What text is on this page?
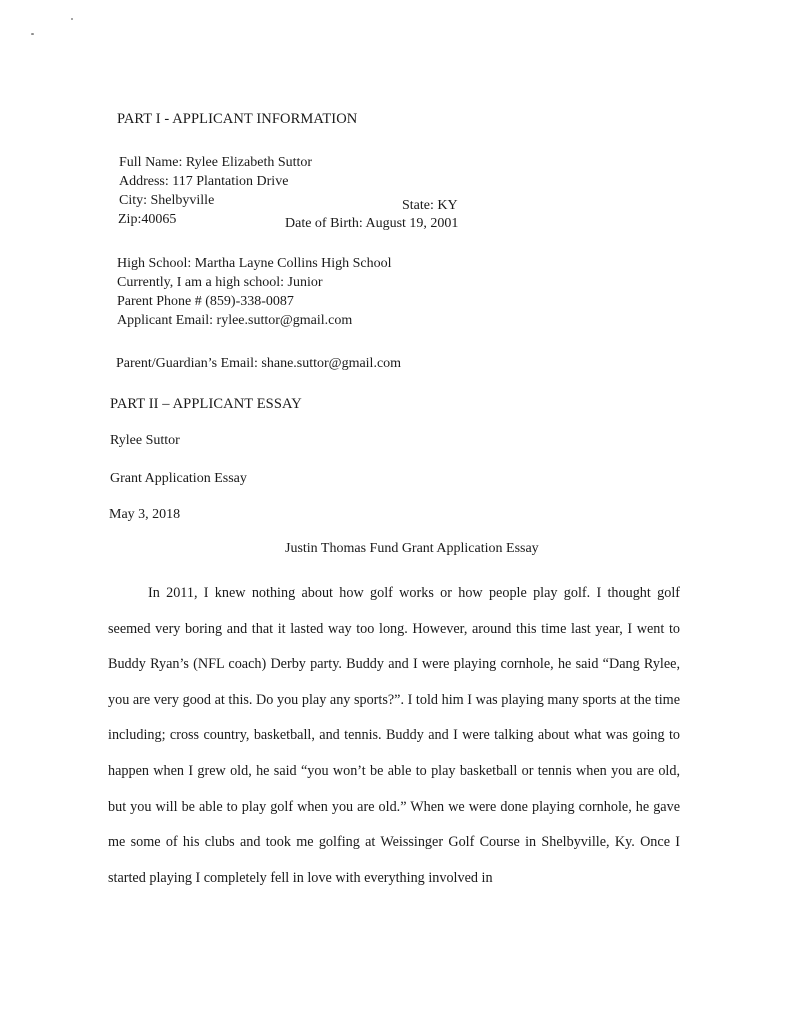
PART I - APPLICANT INFORMATION
Full Name: Rylee Elizabeth Suttor
Address: 117 Plantation Drive
City: Shelbyville	State: KY
Zip:40065	Date of Birth: August 19, 2001
High School: Martha Layne Collins High School
Currently, I am a high school: Junior
Parent Phone # (859)-338-0087
Applicant Email: rylee.suttor@gmail.com
Parent/Guardian’s Email: shane.suttor@gmail.com
PART II – APPLICANT ESSAY
Rylee Suttor
Grant Application Essay
May 3, 2018
Justin Thomas Fund Grant Application Essay

In 2011, I knew nothing about how golf works or how people play golf. I thought golf seemed very boring and that it lasted way too long. However, around this time last year, I went to Buddy Ryan’s (NFL coach) Derby party. Buddy and I were playing cornhole, he said “Dang Rylee, you are very good at this. Do you play any sports?”. I told him I was playing many sports at the time including; cross country, basketball, and tennis. Buddy and I were talking about what was going to happen when I grew old, he said “you won’t be able to play basketball or tennis when you are old, but you will be able to play golf when you are old.” When we were done playing cornhole, he gave me some of his clubs and took me golfing at Weissinger Golf Course in Shelbyville, Ky. Once I started playing I completely fell in love with everything involved in
